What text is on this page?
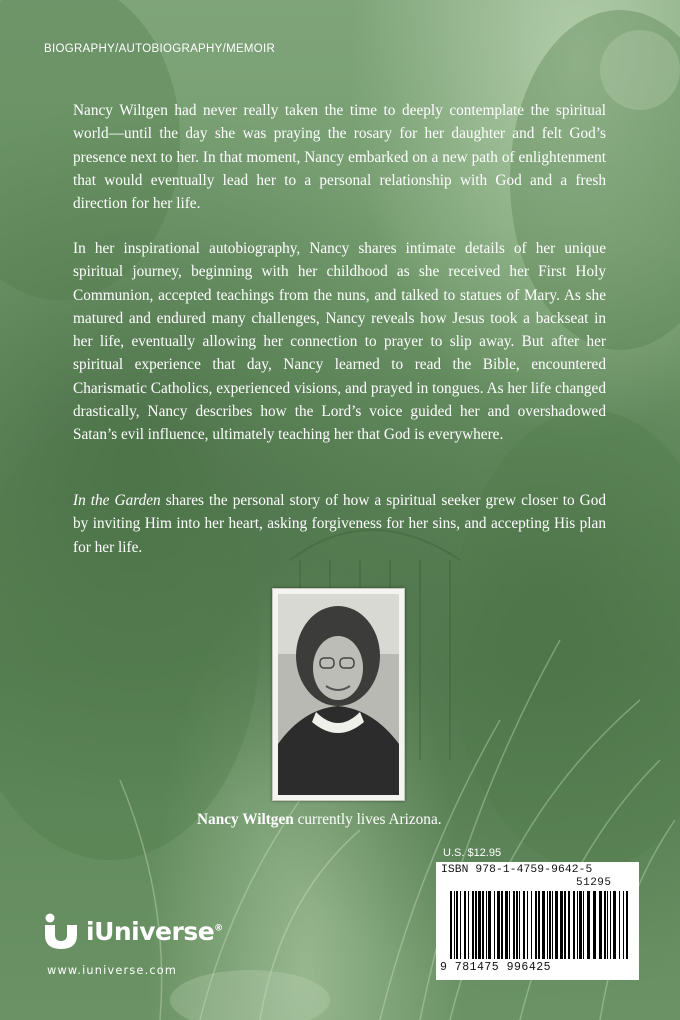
BIOGRAPHY/AUTOBIOGRAPHY/MEMOIR

Nancy Wiltgen had never really taken the time to deeply contemplate the spiritual world—until the day she was praying the rosary for her daughter and felt God’s presence next to her. In that moment, Nancy embarked on a new path of enlightenment that would eventually lead her to a personal relationship with God and a fresh direction for her life.

In her inspirational autobiography, Nancy shares intimate details of her unique spiritual journey, beginning with her childhood as she received her First Holy Communion, accepted teachings from the nuns, and talked to statues of Mary. As she matured and endured many challenges, Nancy reveals how Jesus took a backseat in her life, eventually allowing her connection to prayer to slip away. But after her spiritual experience that day, Nancy learned to read the Bible, encountered Charismatic Catholics, experienced visions, and prayed in tongues. As her life changed drastically, Nancy describes how the Lord’s voice guided her and overshadowed Satan’s evil influence, ultimately teaching her that God is everywhere.

In the Garden shares the personal story of how a spiritual seeker grew closer to God by inviting Him into her heart, asking forgiveness for her sins, and accepting His plan for her life.

Nancy Wiltgen currently lives Arizona.
U.S. $12.95
ISBN 978-1-4759-9642-5
51295
9 781475 996425
iUniverse®
www.iuniverse.com
